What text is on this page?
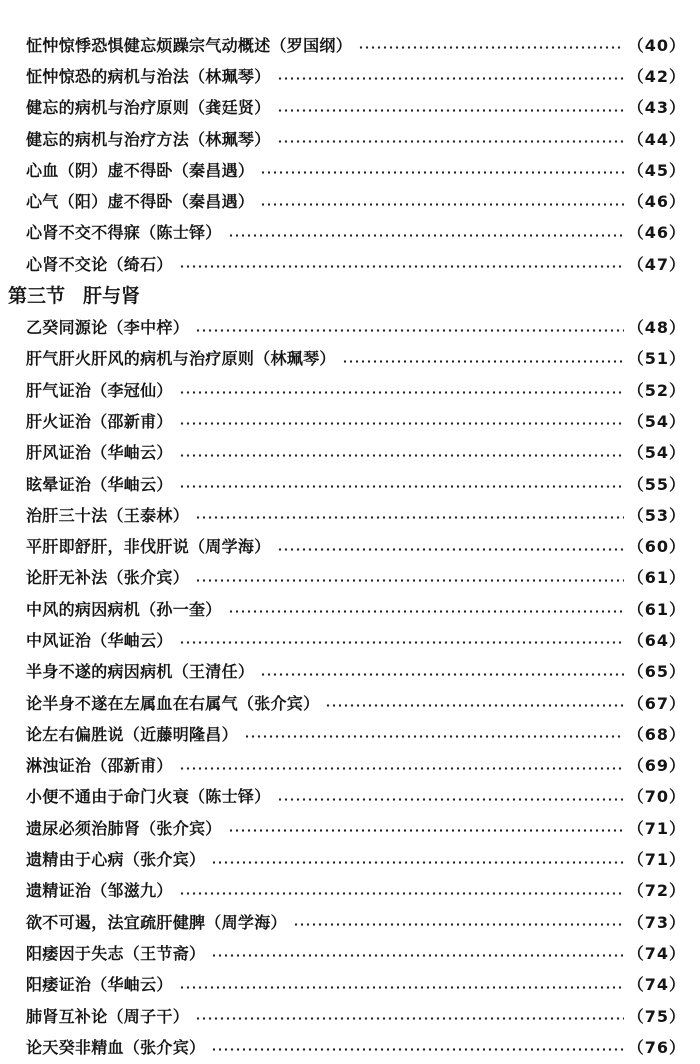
怔忡惊悸恐惧健忘烦躁宗气动概述（罗国纲）	（40）
怔忡惊恐的病机与治法（林珮琴）	（42）
健忘的病机与治疗原则（龚廷贤）	（43）
健忘的病机与治疗方法（林珮琴）	（44）
心血（阴）虚不得卧（秦昌遇）	（45）
心气（阳）虚不得卧（秦昌遇）	（46）
心肾不交不得寐（陈士铎）	（46）
心肾不交论（绮石）	（47）
第三节 肝与肾
乙癸同源论（李中梓）	（48）
肝气肝火肝风的病机与治疗原则（林珮琴）	（51）
肝气证治（李冠仙）	（52）
肝火证治（邵新甫）	（54）
肝风证治（华岫云）	（54）
眩晕证治（华岫云）	（55）
治肝三十法（王泰林）	（53）
平肝即舒肝，非伐肝说（周学海）	（60）
论肝无补法（张介宾）	（61）
中风的病因病机（孙一奎）	（61）
中风证治（华岫云）	（64）
半身不遂的病因病机（王清任）	（65）
论半身不遂在左属血在右属气（张介宾）	（67）
论左右偏胜说（近藤明隆昌）	（68）
淋浊证治（邵新甫）	（69）
小便不通由于命门火衰（陈士铎）	（70）
遗尿必须治肺肾（张介宾）	（71）
遗精由于心病（张介宾）	（71）
遗精证治（邹滋九）	（72）
欲不可遏，法宜疏肝健脾（周学海）	（73）
阳痿因于失志（王节斋）	（74）
阳痿证治（华岫云）	（74）
肺肾互补论（周子干）	（75）
论天癸非精血（张介宾）	（76）
